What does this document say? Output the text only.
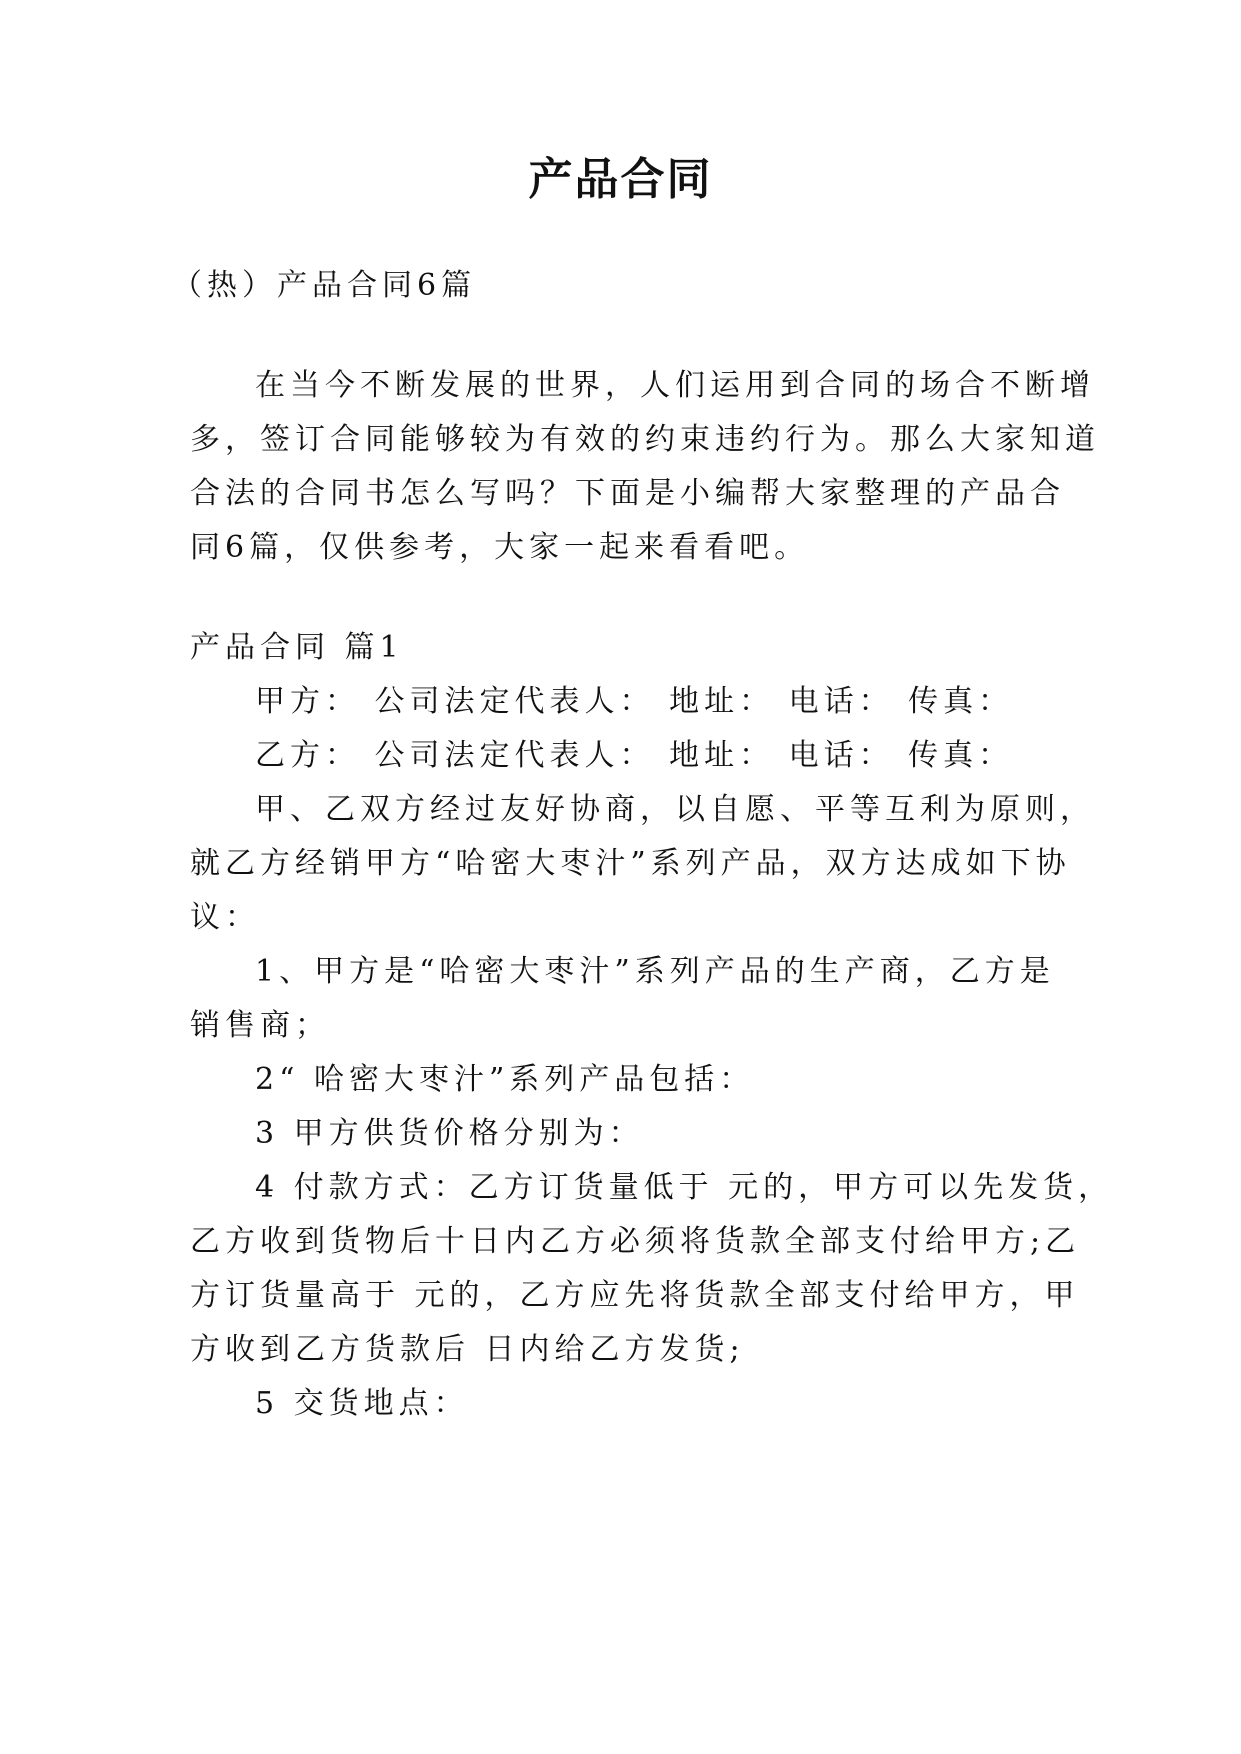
产品合同
（热）产品合同6篇
在当今不断发展的世界，人们运用到合同的场合不断增
多，签订合同能够较为有效的约束违约行为。那么大家知道
合法的合同书怎么写吗？下面是小编帮大家整理的产品合
同6篇，仅供参考，大家一起来看看吧。
产品合同 篇1
甲方： 公司法定代表人： 地址： 电话： 传真：
乙方： 公司法定代表人： 地址： 电话： 传真：
甲、乙双方经过友好协商，以自愿、平等互利为原则，
就乙方经销甲方“哈密大枣汁”系列产品，双方达成如下协
议：
1、甲方是“哈密大枣汁”系列产品的生产商，乙方是
销售商；
2“ 哈密大枣汁”系列产品包括：
3 甲方供货价格分别为：
4 付款方式：乙方订货量低于 元的，甲方可以先发货，
乙方收到货物后十日内乙方必须将货款全部支付给甲方;乙
方订货量高于 元的，乙方应先将货款全部支付给甲方，甲
方收到乙方货款后 日内给乙方发货;
5 交货地点：
